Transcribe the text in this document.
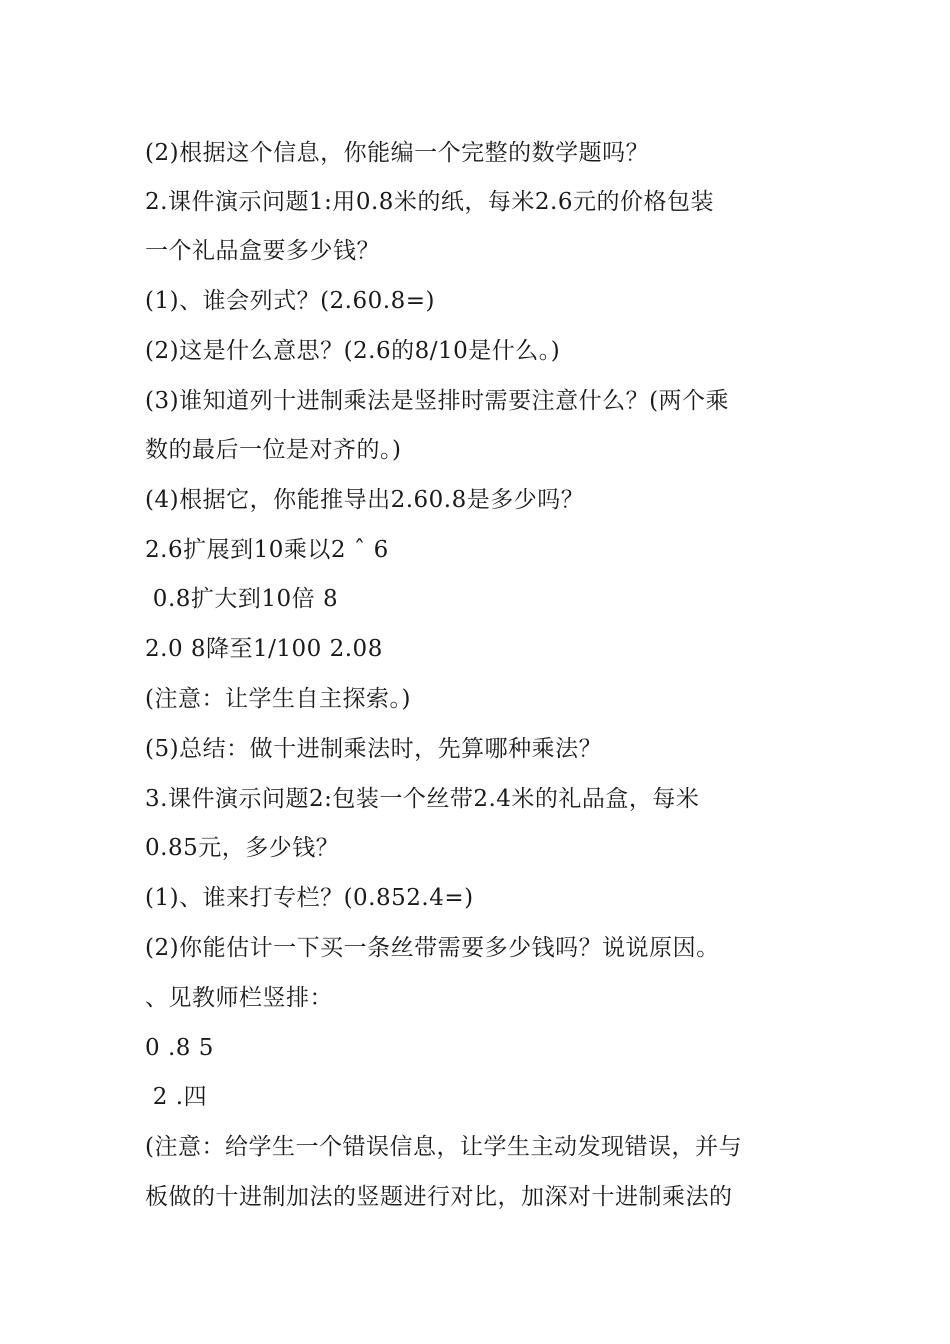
(2)根据这个信息，你能编一个完整的数学题吗？
2.课件演示问题1:用0.8米的纸，每米2.6元的价格包装
一个礼品盒要多少钱？
(1)、谁会列式？(2.60.8=)
(2)这是什么意思？(2.6的8/10是什么。)
(3)谁知道列十进制乘法是竖排时需要注意什么？(两个乘
数的最后一位是对齐的。)
(4)根据它，你能推导出2.60.8是多少吗？
2.6扩展到10乘以2 ˆ 6
0.8扩大到10倍 8
2.0 8降至1/100 2.08
(注意：让学生自主探索。)
(5)总结：做十进制乘法时，先算哪种乘法？
3.课件演示问题2:包装一个丝带2.4米的礼品盒，每米
0.85元，多少钱？
(1)、谁来打专栏？(0.852.4=)
(2)你能估计一下买一条丝带需要多少钱吗？说说原因。
、见教师栏竖排：
0 .8 5
2 .四
(注意：给学生一个错误信息，让学生主动发现错误，并与
板做的十进制加法的竖题进行对比，加深对十进制乘法的
